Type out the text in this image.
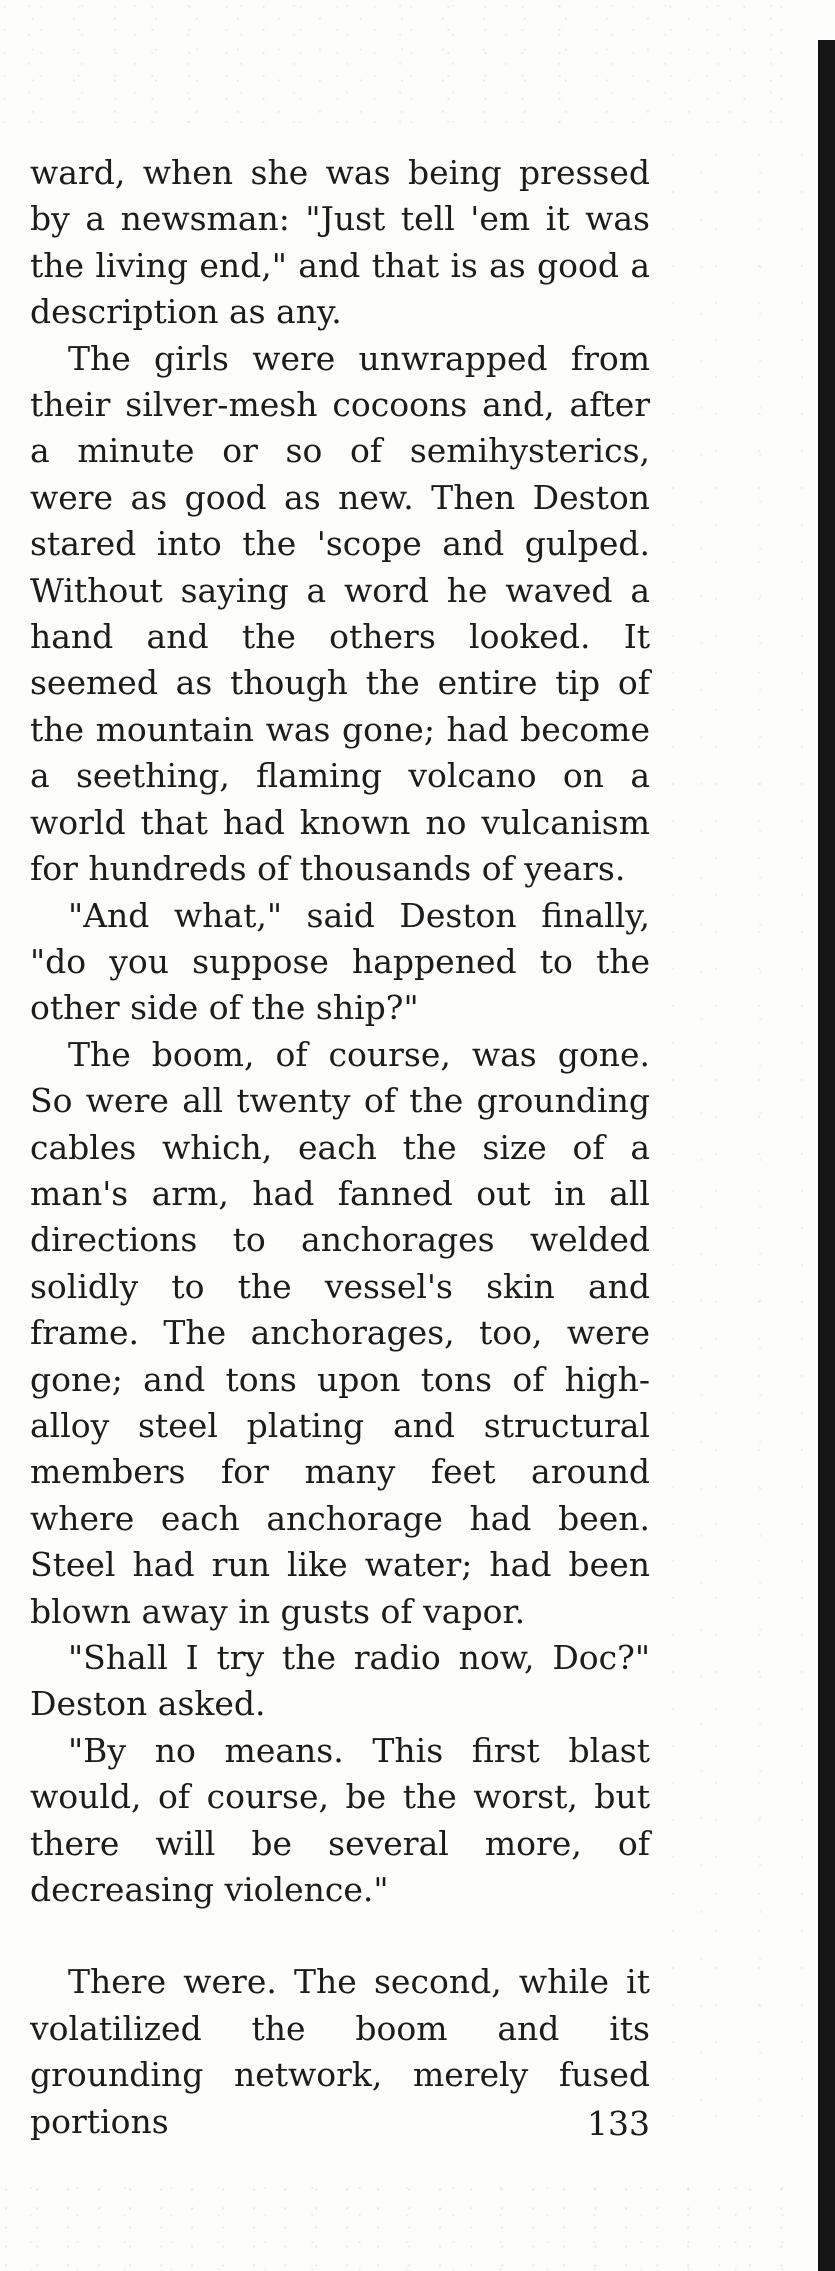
ward, when she was being pressed by a newsman: "Just tell 'em it was the living end," and that is as good a description as any.

The girls were unwrapped from their silver-mesh cocoons and, after a minute or so of semihysterics, were as good as new. Then Deston stared into the 'scope and gulped. Without saying a word he waved a hand and the others looked. It seemed as though the entire tip of the mountain was gone; had become a seething, flaming volcano on a world that had known no vulcanism for hundreds of thousands of years.

"And what," said Deston finally, "do you suppose happened to the other side of the ship?"

The boom, of course, was gone. So were all twenty of the grounding cables which, each the size of a man's arm, had fanned out in all directions to anchorages welded solidly to the vessel's skin and frame. The anchorages, too, were gone; and tons upon tons of high-alloy steel plating and structural members for many feet around where each anchorage had been. Steel had run like water; had been blown away in gusts of vapor.

"Shall I try the radio now, Doc?" Deston asked.

"By no means. This first blast would, of course, be the worst, but there will be several more, of decreasing violence."

There were. The second, while it volatilized the boom and its grounding network, merely fused portions	133
